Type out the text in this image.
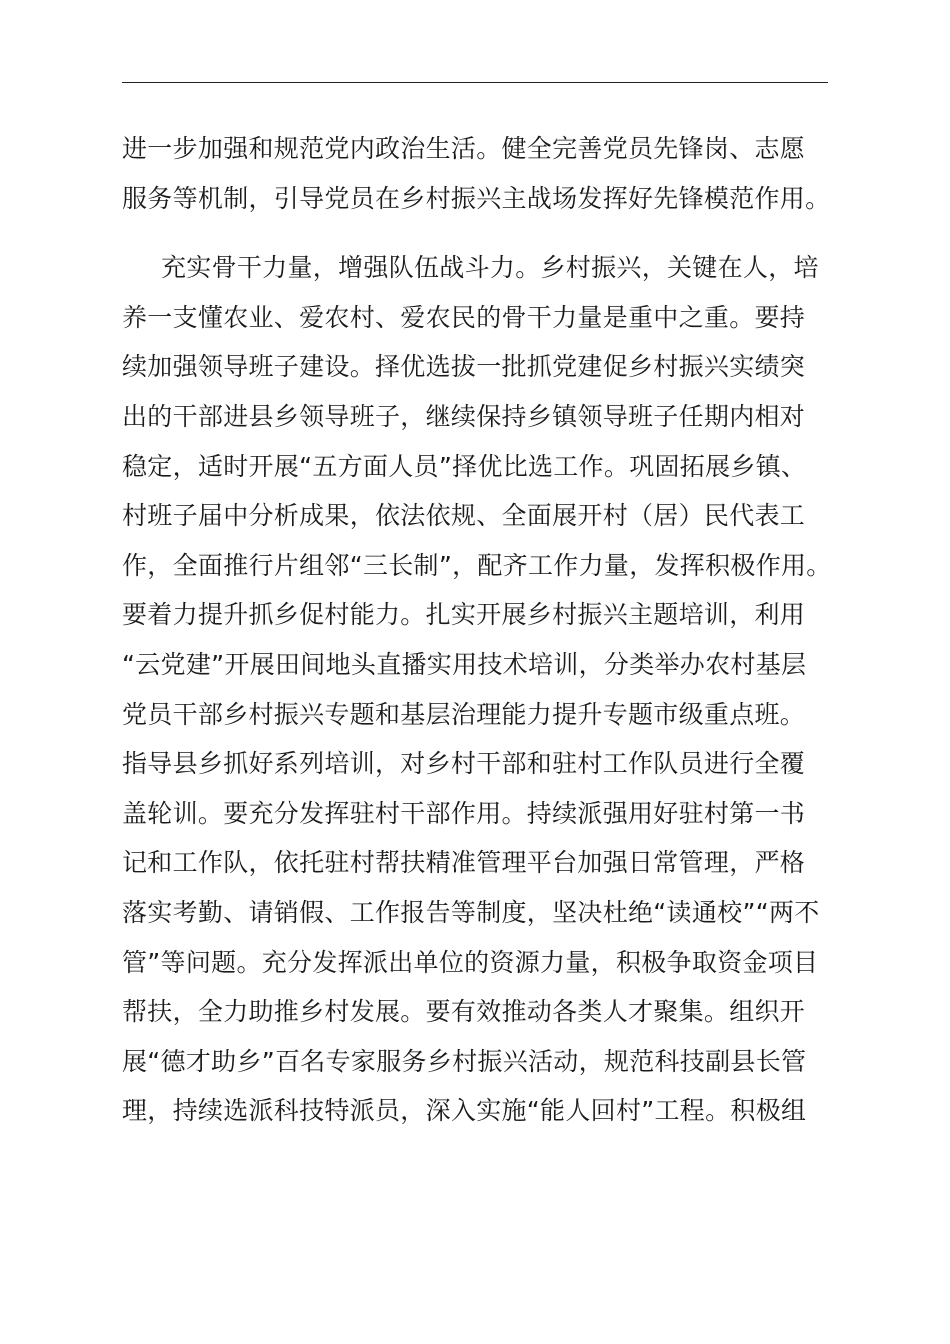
进一步加强和规范党内政治生活。健全完善党员先锋岗、志愿
服务等机制，引导党员在乡村振兴主战场发挥好先锋模范作用。
充实骨干力量，增强队伍战斗力。乡村振兴，关键在人，培
养一支懂农业、爱农村、爱农民的骨干力量是重中之重。要持
续加强领导班子建设。择优选拔一批抓党建促乡村振兴实绩突
出的干部进县乡领导班子，继续保持乡镇领导班子任期内相对
稳定，适时开展“五方面人员”择优比选工作。巩固拓展乡镇、
村班子届中分析成果，依法依规、全面展开村（居）民代表工
作，全面推行片组邻“三长制”，配齐工作力量，发挥积极作用。
要着力提升抓乡促村能力。扎实开展乡村振兴主题培训，利用
“云党建”开展田间地头直播实用技术培训，分类举办农村基层
党员干部乡村振兴专题和基层治理能力提升专题市级重点班。
指导县乡抓好系列培训，对乡村干部和驻村工作队员进行全覆
盖轮训。要充分发挥驻村干部作用。持续派强用好驻村第一书
记和工作队，依托驻村帮扶精准管理平台加强日常管理，严格
落实考勤、请销假、工作报告等制度，坚决杜绝“读通校”“两不
管”等问题。充分发挥派出单位的资源力量，积极争取资金项目
帮扶，全力助推乡村发展。要有效推动各类人才聚集。组织开
展“德才助乡”百名专家服务乡村振兴活动，规范科技副县长管
理，持续选派科技特派员，深入实施“能人回村”工程。积极组
